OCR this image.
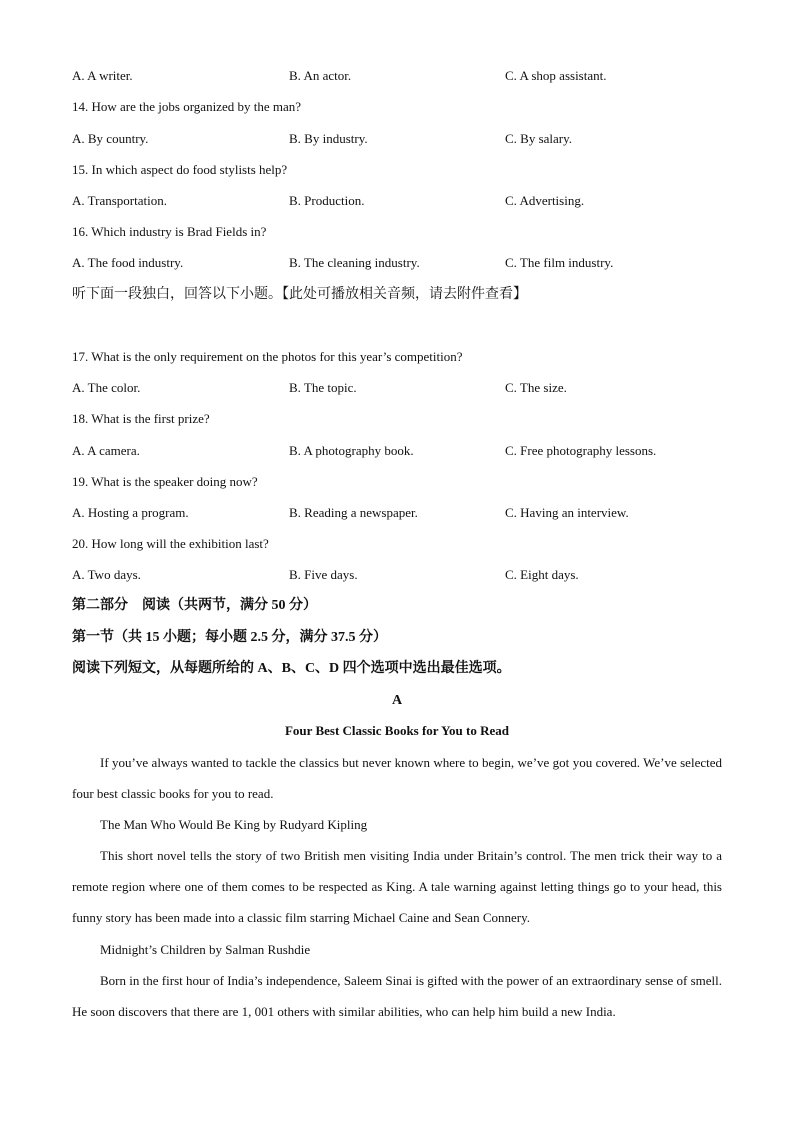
A. A writer.	B. An actor.	C. A shop assistant.
14. How are the jobs organized by the man?
A. By country.	B. By industry.	C. By salary.
15. In which aspect do food stylists help?
A. Transportation.	B. Production.	C. Advertising.
16. Which industry is Brad Fields in?
A. The food industry.	B. The cleaning industry.	C. The film industry.
听下面一段独白，回答以下小题。【此处可播放相关音频，请去附件查看】
17. What is the only requirement on the photos for this year’s competition?
A. The color.	B. The topic.	C. The size.
18. What is the first prize?
A. A camera.	B. A photography book.	C. Free photography lessons.
19. What is the speaker doing now?
A. Hosting a program.	B. Reading a newspaper.	C. Having an interview.
20. How long will the exhibition last?
A. Two days.	B. Five days.	C. Eight days.
第二部分　阅读（共两节，满分 50 分）
第一节（共 15 小题；每小题 2.5 分，满分 37.5 分）
阅读下列短文，从每题所给的 A、B、C、D 四个选项中选出最佳选项。
A
Four Best Classic Books for You to Read
If you’ve always wanted to tackle the classics but never known where to begin, we’ve got you covered. We’ve selected four best classic books for you to read.
The Man Who Would Be King by Rudyard Kipling
This short novel tells the story of two British men visiting India under Britain’s control. The men trick their way to a remote region where one of them comes to be respected as King. A tale warning against letting things go to your head, this funny story has been made into a classic film starring Michael Caine and Sean Connery.
Midnight’s Children by Salman Rushdie
Born in the first hour of India’s independence, Saleem Sinai is gifted with the power of an extraordinary sense of smell. He soon discovers that there are 1, 001 others with similar abilities, who can help him build a new India.
